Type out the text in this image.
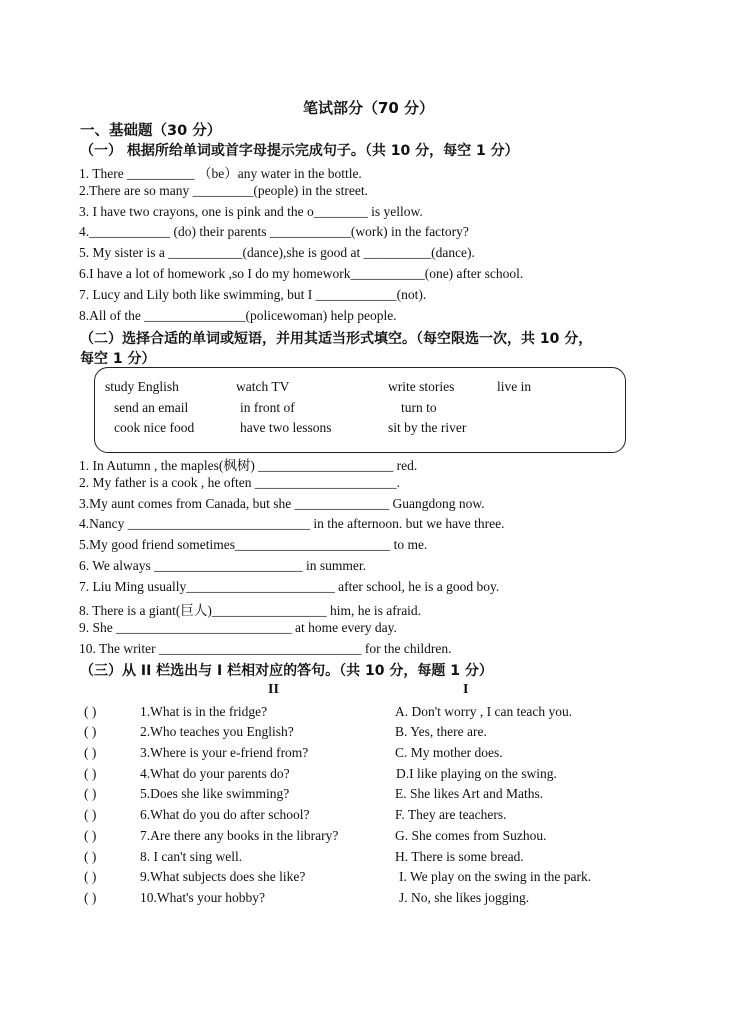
笔试部分（70 分）
一、基础题（30 分）
（一） 根据所给单词或首字母提示完成句子。（共 10 分，每空 1 分）
1. There __________ （be）any water in the bottle.
2.There are so many _________(people) in the street.
3. I have two crayons, one is pink and the o________ is yellow.
4.____________ (do) their parents ____________(work) in the factory?
5. My sister is a ___________(dance),she is good at __________(dance).
6.I have a lot of homework ,so I do my homework___________(one) after school.
7. Lucy and Lily both like swimming, but I ____________(not).
8.All of the _______________(policewoman) help people.
（二）选择合适的单词或短语，并用其适当形式填空。（每空限选一次，共 10 分，
每空 1 分）
study English	watch TV	write stories	live in
send an email	in front of	turn to
cook nice food	have two lessons	sit by the river
1. In Autumn , the maples(枫树) ____________________ red.
2. My father is a cook , he often _____________________.
3.My aunt comes from Canada, but she ______________ Guangdong now.
4.Nancy ___________________________ in the afternoon. but we have three.
5.My good friend sometimes_______________________ to me.
6. We always ______________________ in summer.
7. Liu Ming usually______________________ after school, he is a good boy.
8. There is a giant(巨人)_________________ him, he is afraid.
9. She __________________________ at home every day.
10. The writer ______________________________ for the children.
（三）从 II 栏选出与 I 栏相对应的答句。（共 10 分，每题 1 分）
II	I
( )	1.What is in the fridge?	A. Don't worry , I can teach you.
( )	2.Who teaches you English?	B. Yes, there are.
( )	3.Where is your e-friend from?	C. My mother does.
( )	4.What do your parents do?	D.I like playing on the swing.
( )	5.Does she like swimming?	E. She likes Art and Maths.
( )	6.What do you do after school?	F. They are teachers.
( )	7.Are there any books in the library?	G. She comes from Suzhou.
( )	8. I can't sing well.	H. There is some bread.
( )	9.What subjects does she like?	I. We play on the swing in the park.
( )	10.What's your hobby?	J. No, she likes jogging.
